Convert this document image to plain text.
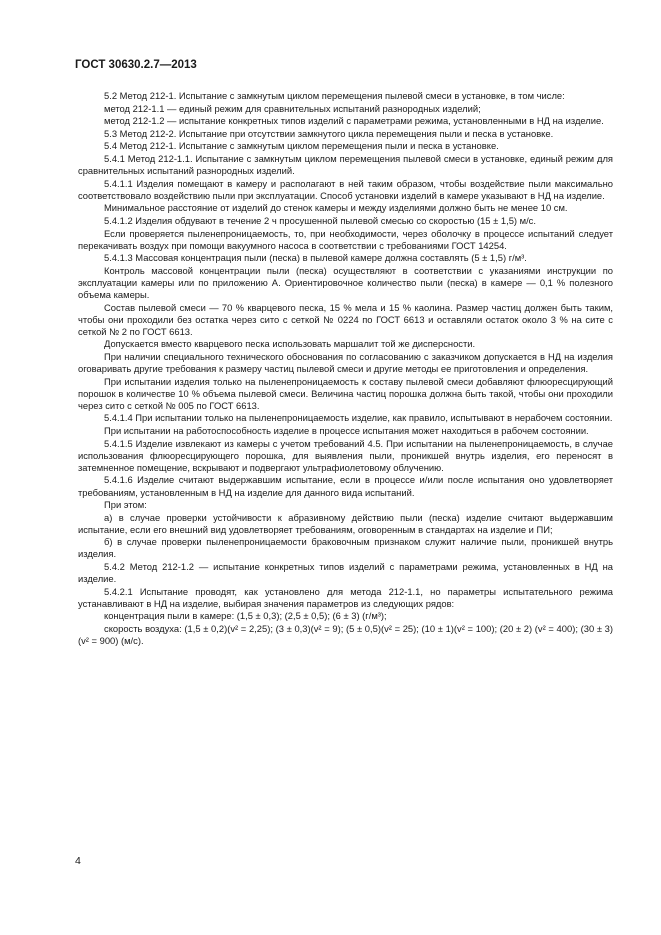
ГОСТ 30630.2.7—2013

5.2 Метод 212-1. Испытание с замкнутым циклом перемещения пылевой смеси в установке, в том числе:

метод 212-1.1 — единый режим для сравнительных испытаний разнородных изделий;

метод 212-1.2 — испытание конкретных типов изделий с параметрами режима, установленными в НД на изделие.

5.3 Метод 212-2. Испытание при отсутствии замкнутого цикла перемещения пыли и песка в установке.

5.4 Метод 212-1. Испытание с замкнутым циклом перемещения пыли и песка в установке.

5.4.1 Метод 212-1.1. Испытание с замкнутым циклом перемещения пылевой смеси в установке, единый режим для сравнительных испытаний разнородных изделий.

5.4.1.1 Изделия помещают в камеру и располагают в ней таким образом, чтобы воздействие пыли максимально соответствовало воздействию пыли при эксплуатации. Способ установки изделий в камере указывают в НД на изделие.

Минимальное расстояние от изделий до стенок камеры и между изделиями должно быть не менее 10 см.

5.4.1.2 Изделия обдувают в течение 2 ч просушенной пылевой смесью со скоростью (15 ± 1,5) м/с.

Если проверяется пыленепроницаемость, то, при необходимости, через оболочку в процессе испытаний следует перекачивать воздух при помощи вакуумного насоса в соответствии с требованиями ГОСТ 14254.

5.4.1.3 Массовая концентрация пыли (песка) в пылевой камере должна составлять (5 ± 1,5) г/м³.

Контроль массовой концентрации пыли (песка) осуществляют в соответствии с указаниями инструкции по эксплуатации камеры или по приложению А. Ориентировочное количество пыли (песка) в камере — 0,1 % полезного объема камеры.

Состав пылевой смеси — 70 % кварцевого песка, 15 % мела и 15 % каолина. Размер частиц должен быть таким, чтобы они проходили без остатка через сито с сеткой № 0224 по ГОСТ 6613 и оставляли остаток около 3 % на сите с сеткой № 2 по ГОСТ 6613.

Допускается вместо кварцевого песка использовать маршалит той же дисперсности.

При наличии специального технического обоснования по согласованию с заказчиком допускается в НД на изделия оговаривать другие требования к размеру частиц пылевой смеси и другие методы ее приготовления и определения.

При испытании изделия только на пыленепроницаемость к составу пылевой смеси добавляют флюоресцирующий порошок в количестве 10 % объема пылевой смеси. Величина частиц порошка должна быть такой, чтобы они проходили через сито с сеткой № 005 по ГОСТ 6613.

5.4.1.4 При испытании только на пыленепроницаемость изделие, как правило, испытывают в нерабочем состоянии.

При испытании на работоспособность изделие в процессе испытания может находиться в рабочем состоянии.

5.4.1.5 Изделие извлекают из камеры с учетом требований 4.5. При испытании на пыленепроницаемость, в случае использования флюоресцирующего порошка, для выявления пыли, проникшей внутрь изделия, его переносят в затемненное помещение, вскрывают и подвергают ультрафиолетовому облучению.

5.4.1.6 Изделие считают выдержавшим испытание, если в процессе и/или после испытания оно удовлетворяет требованиям, установленным в НД на изделие для данного вида испытаний.

При этом:

а) в случае проверки устойчивости к абразивному действию пыли (песка) изделие считают выдержавшим испытание, если его внешний вид удовлетворяет требованиям, оговоренным в стандартах на изделие и ПИ;

б) в случае проверки пыленепроницаемости браковочным признаком служит наличие пыли, проникшей внутрь изделия.

5.4.2 Метод 212-1.2 — испытание конкретных типов изделий с параметрами режима, установленных в НД на изделие.

5.4.2.1 Испытание проводят, как установлено для метода 212-1.1, но параметры испытательного режима устанавливают в НД на изделие, выбирая значения параметров из следующих рядов:

концентрация пыли в камере: (1,5 ± 0,3); (2,5 ± 0,5); (6 ± 3) (г/м³);

скорость воздуха: (1,5 ± 0,2)(v² = 2,25); (3 ± 0,3)(v² = 9); (5 ± 0,5)(v² = 25); (10 ± 1)(v² = 100); (20 ± 2) (v² = 400); (30 ± 3) (v² = 900) (м/с).

4
